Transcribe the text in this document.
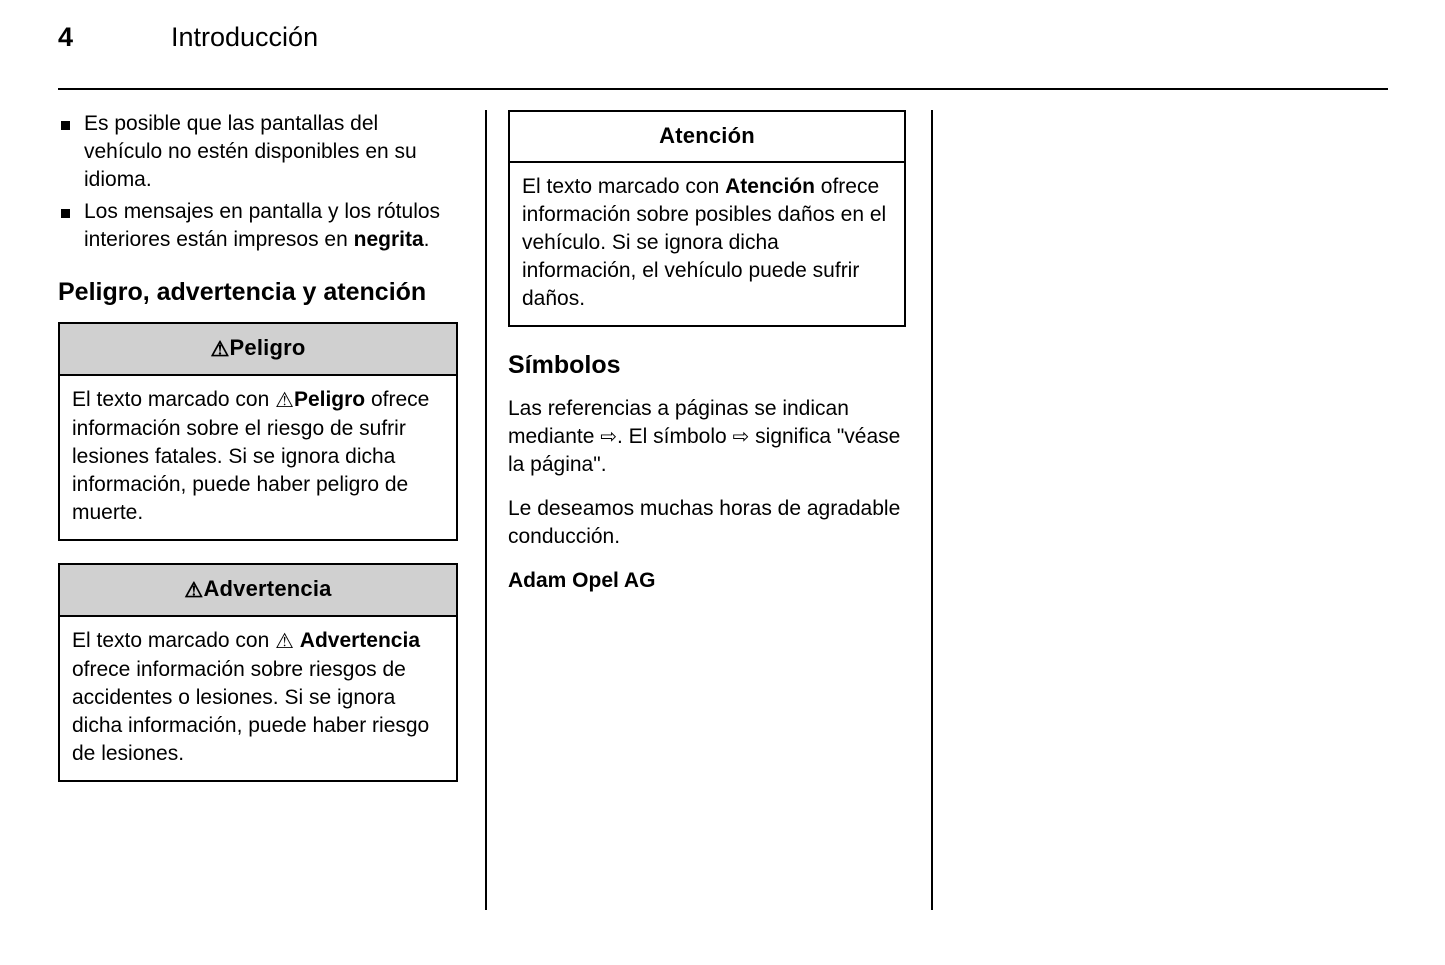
4	Introducción
Es posible que las pantallas del vehículo no estén disponibles en su idioma.
Los mensajes en pantalla y los rótulos interiores están impresos en negrita.
Peligro, advertencia y atención
⚠Peligro
El texto marcado con ⚠Peligro ofrece información sobre el riesgo de sufrir lesiones fatales. Si se ignora dicha información, puede haber peligro de muerte.
⚠Advertencia
El texto marcado con ⚠ Advertencia ofrece información sobre riesgos de accidentes o lesiones. Si se ignora dicha información, puede haber riesgo de lesiones.
Atención
El texto marcado con Atención ofrece información sobre posibles daños en el vehículo. Si se ignora dicha información, el vehículo puede sufrir daños.
Símbolos

Las referencias a páginas se indican mediante ⇨. El símbolo ⇨ significa "véase la página".

Le deseamos muchas horas de agradable conducción.

Adam Opel AG
